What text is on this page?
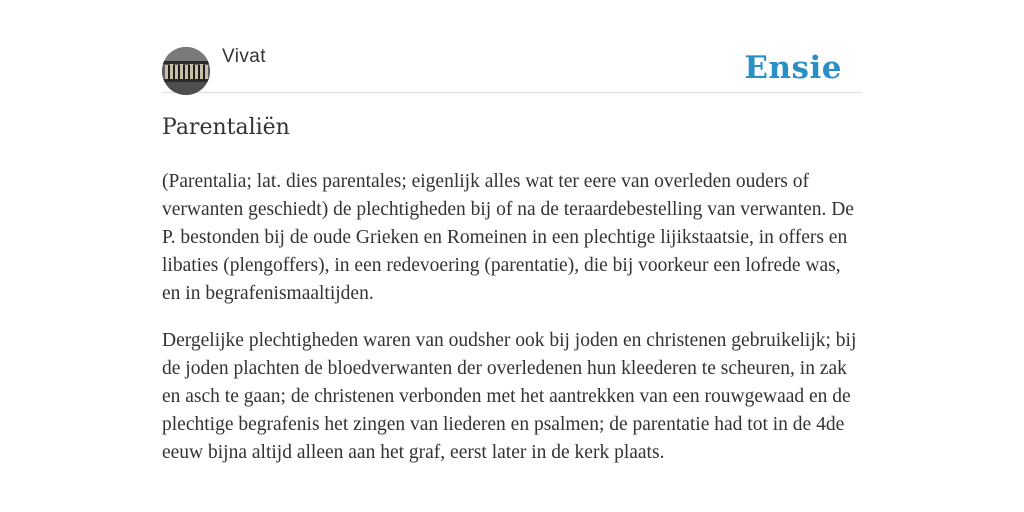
Vivat	Ensie
Parentaliën

(Parentalia; lat. dies parentales; eigenlijk alles wat ter eere van overleden ouders of verwanten geschiedt) de plechtigheden bij of na de teraardebestelling van verwanten. De P. bestonden bij de oude Grieken en Romeinen in een plechtige lijikstaatsie, in offers en libaties (plengoffers), in een redevoering (parentatie), die bij voorkeur een lofrede was, en in begrafenismaaltijden.

Dergelijke plechtigheden waren van oudsher ook bij joden en christenen gebruikelijk; bij de joden plachten de bloedverwanten der overledenen hun kleederen te scheuren, in zak en asch te gaan; de christenen verbonden met het aantrekken van een rouwgewaad en de plechtige begrafenis het zingen van liederen en psalmen; de parentatie had tot in de 4de eeuw bijna altijd alleen aan het graf, eerst later in de kerk plaats.
